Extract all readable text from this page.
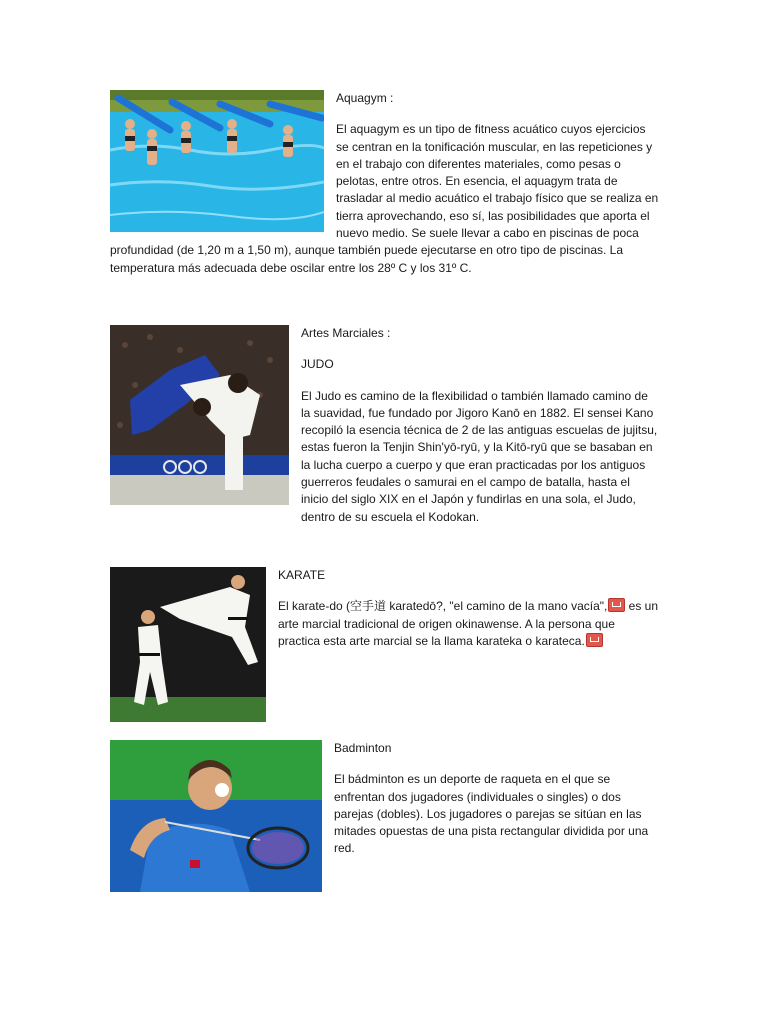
Aquagym :

El aquagym es un tipo de fitness acuático cuyos ejercicios se centran en la tonificación muscular, en las repeticiones y en el trabajo con diferentes materiales, como pesas o pelotas, entre otros. En esencia, el aquagym trata de trasladar al medio acuático el trabajo físico que se realiza en tierra aprovechando, eso sí, las posibilidades que aporta el nuevo medio. Se suele llevar a cabo en piscinas de poca profundidad (de 1,20 m a 1,50 m), aunque también puede ejecutarse en otro tipo de piscinas. La temperatura más adecuada debe oscilar entre los 28º C y los 31º C.

Artes Marciales :
JUDO

El Judo es camino de la flexibilidad o también llamado camino de la suavidad, fue fundado por Jigoro Kanō en 1882. El sensei Kano recopiló la esencia técnica de 2 de las antiguas escuelas de jujitsu, estas fueron la Tenjin Shin'yō-ryū, y la Kitō-ryū que se basaban en la lucha cuerpo a cuerpo y que eran practicadas por los antiguos guerreros feudales o samurai en el campo de batalla, hasta el inicio del siglo XIX en el Japón y fundirlas en una sola, el Judo, dentro de su escuela el Kodokan.

KARATE

El karate-do (空手道 karatedō?, "el camino de la mano vacía", es un arte marcial tradicional de origen okinawense. A la persona que practica esta arte marcial se la llama karateka o karateca.

Badminton

El bádminton es un deporte de raqueta en el que se enfrentan dos jugadores (individuales o singles) o dos parejas (dobles). Los jugadores o parejas se sitúan en las mitades opuestas de una pista rectangular dividida por una red.
